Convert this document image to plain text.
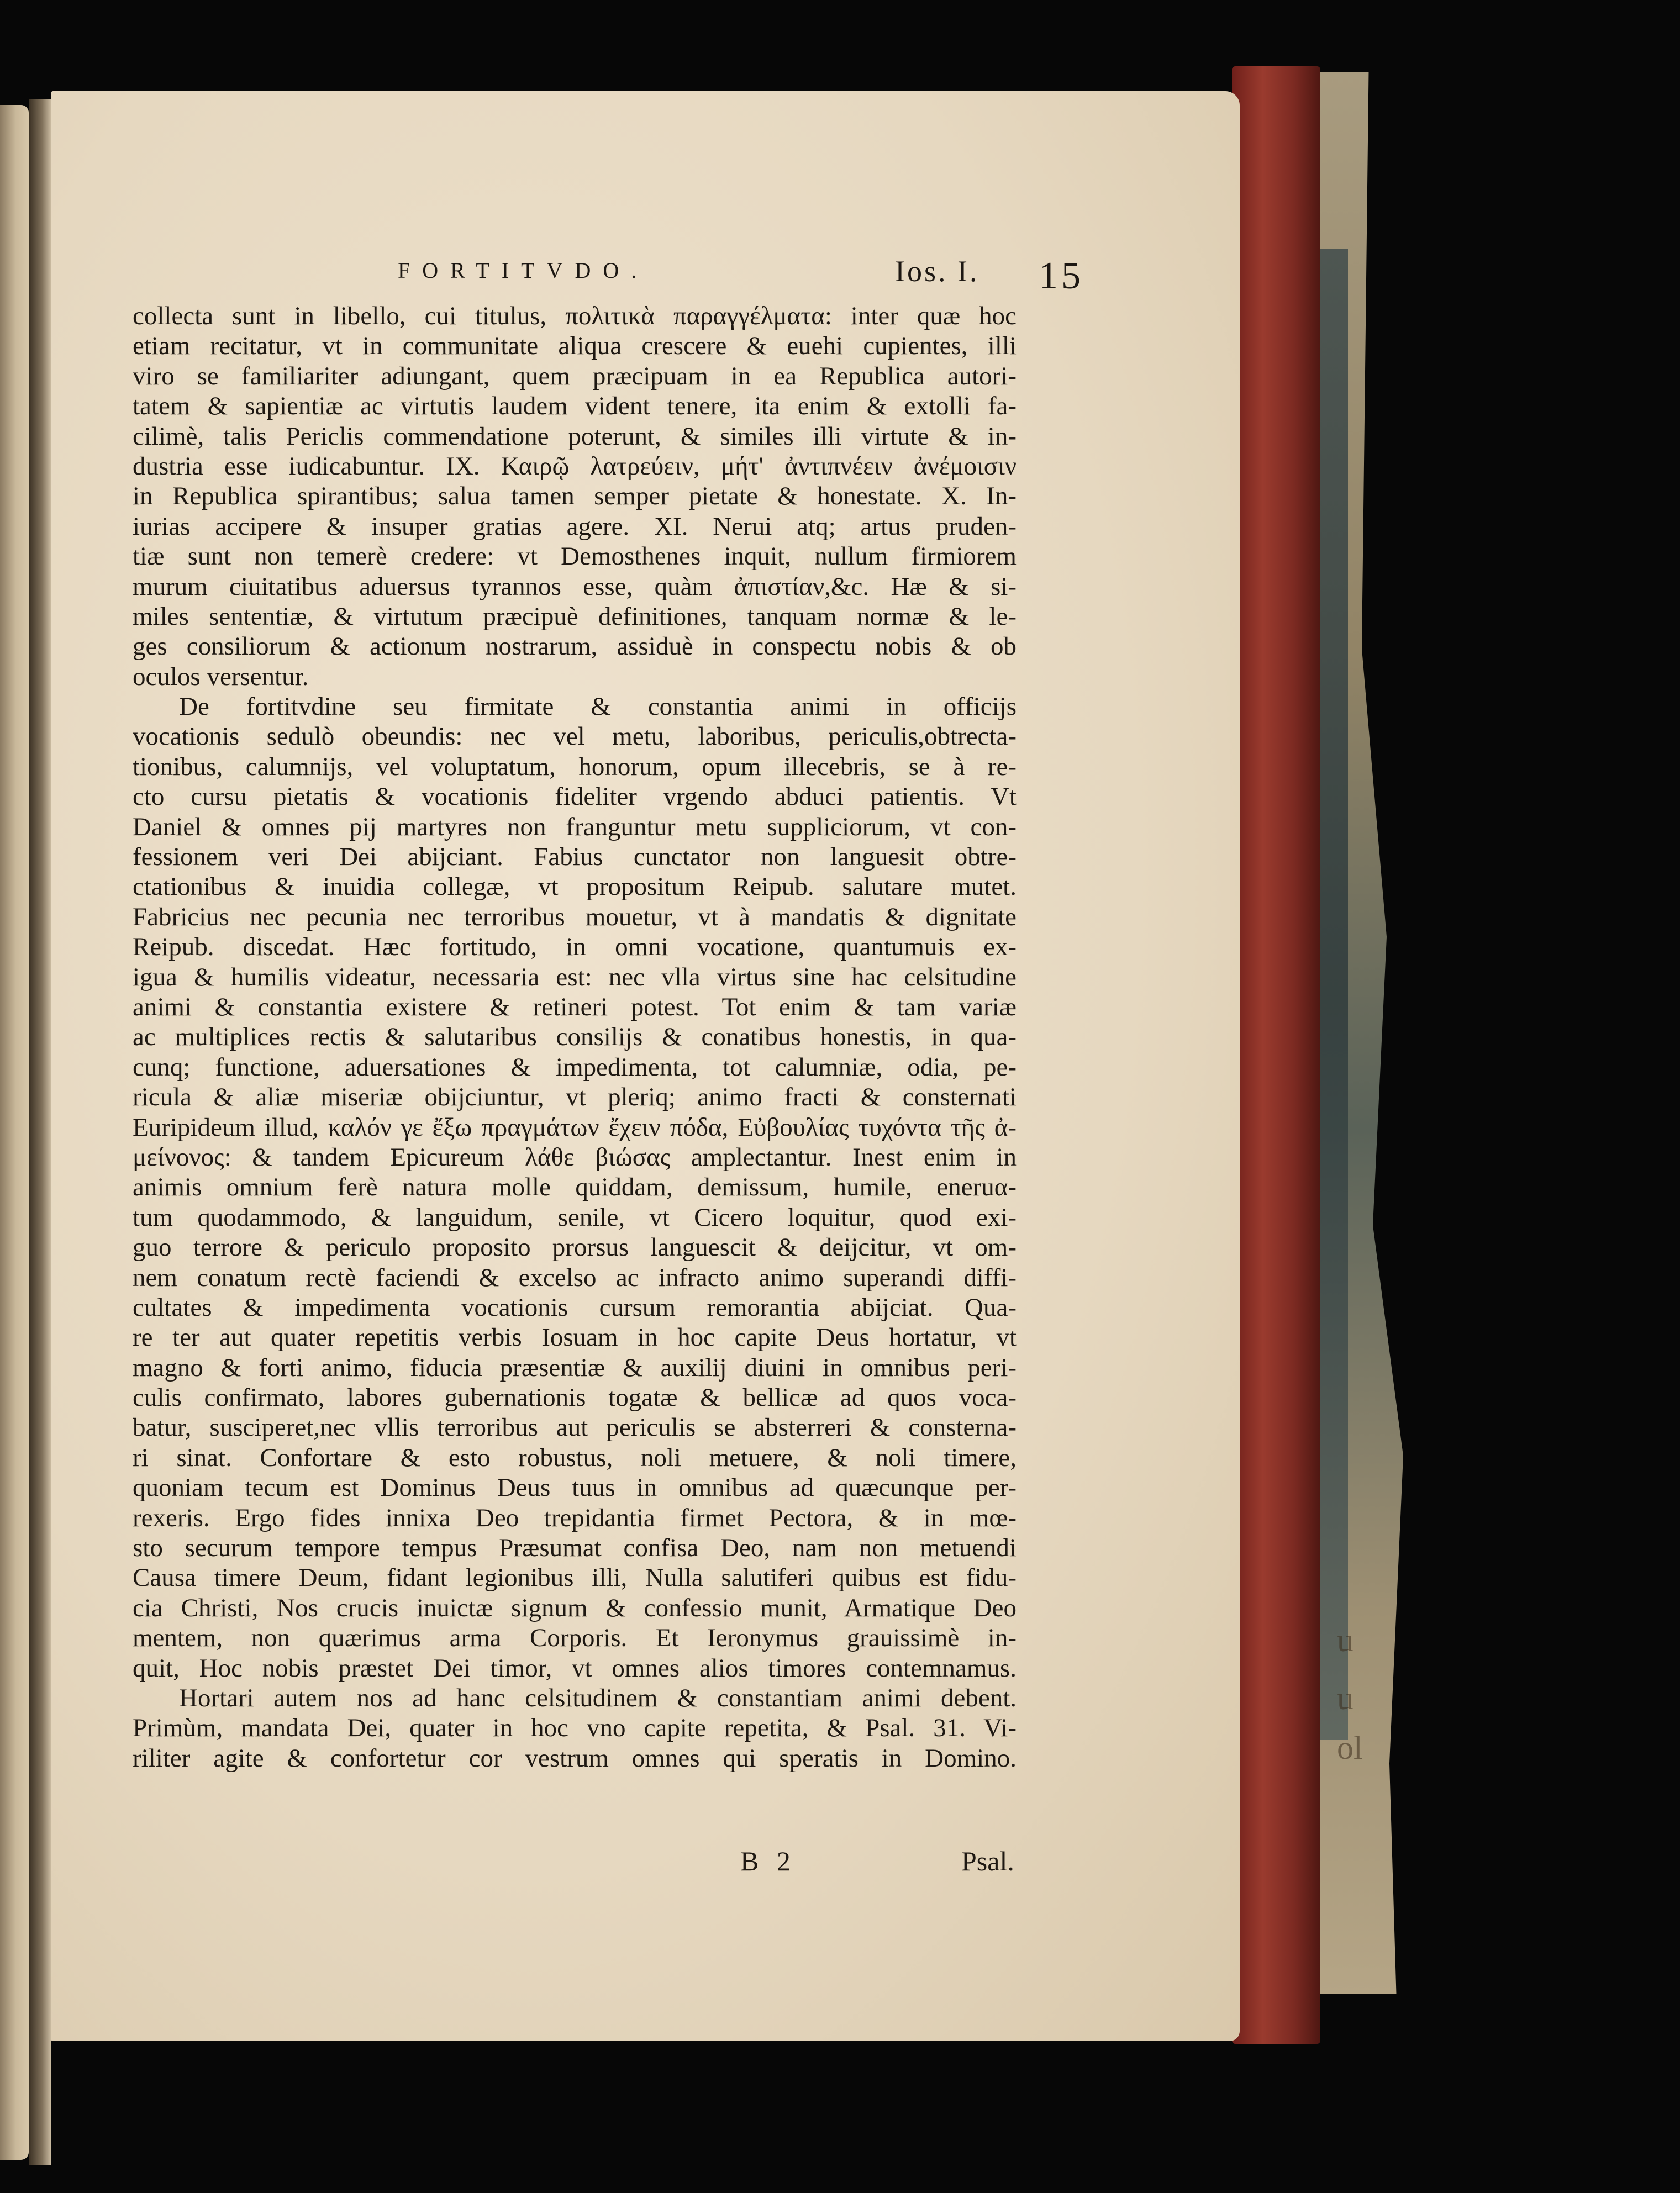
u
u
ol
FORTITVDO.	Ios. I. 15
collecta sunt in libello, cui titulus, πολιτικὰ παραγγέλματα: inter quæ hoc
etiam recitatur, vt in communitate aliqua crescere & euehi cupientes, illi
viro se familiariter adiungant, quem præcipuam in ea Republica autori-
tatem & sapientiæ ac virtutis laudem vident tenere, ita enim & extolli fa-
cilimè, talis Periclis commendatione poterunt, & similes illi virtute & in-
dustria esse iudicabuntur. IX. Καιρῷ λατρεύειν, μήτ' ἀντιπνέειν ἀνέμοισιν
in Republica spirantibus; salua tamen semper pietate & honestate. X. In-
iurias accipere & insuper gratias agere. XI. Nerui atq; artus pruden-
tiæ sunt non temerè credere: vt Demosthenes inquit, nullum firmiorem
murum ciuitatibus aduersus tyrannos esse, quàm ἀπιστίαν,&c. Hæ & si-
miles sententiæ, & virtutum præcipuè definitiones, tanquam normæ & le-
ges consiliorum & actionum nostrarum, assiduè in conspectu nobis & ob
oculos versentur.
De fortitvdine seu firmitate & constantia animi in officijs
vocationis sedulò obeundis: nec vel metu, laboribus, periculis,obtrecta-
tionibus, calumnijs, vel voluptatum, honorum, opum illecebris, se à re-
cto cursu pietatis & vocationis fideliter vrgendo abduci patientis. Vt
Daniel & omnes pij martyres non franguntur metu suppliciorum, vt con-
fessionem veri Dei abijciant. Fabius cunctator non languesit obtre-
ctationibus & inuidia collegæ, vt propositum Reipub. salutare mutet.
Fabricius nec pecunia nec terroribus mouetur, vt à mandatis & dignitate
Reipub. discedat. Hæc fortitudo, in omni vocatione, quantumuis ex-
igua & humilis videatur, necessaria est: nec vlla virtus sine hac celsitudine
animi & constantia existere & retineri potest. Tot enim & tam variæ
ac multiplices rectis & salutaribus consilijs & conatibus honestis, in qua-
cunq; functione, aduersationes & impedimenta, tot calumniæ, odia, pe-
ricula & aliæ miseriæ obijciuntur, vt pleriq; animo fracti & consternati
Euripideum illud, καλόν γε ἔξω πραγμάτων ἔχειν πόδα, Εὐβουλίας τυχόντα τῆς ἀ-
μείνονος: & tandem Epicureum λάθε βιώσας amplectantur. Inest enim in
animis omnium ferè natura molle quiddam, demissum, humile, eneruα-
tum quodammodo, & languidum, senile, vt Cicero loquitur, quod exi-
guo terrore & periculo proposito prorsus languescit & deijcitur, vt om-
nem conatum rectè faciendi & excelso ac infracto animo superandi diffi-
cultates & impedimenta vocationis cursum remorantia abijciat. Qua-
re ter aut quater repetitis verbis Iosuam in hoc capite Deus hortatur, vt
magno & forti animo, fiducia præsentiæ & auxilij diuini in omnibus peri-
culis confirmato, labores gubernationis togatæ & bellicæ ad quos voca-
batur, susciperet,nec vllis terroribus aut periculis se absterreri & consterna-
ri sinat. Confortare & esto robustus, noli metuere, & noli timere,
quoniam tecum est Dominus Deus tuus in omnibus ad quæcunque per-
rexeris. Ergo fides innixa Deo trepidantia firmet Pectora, & in mœ-
sto securum tempore tempus Præsumat confisa Deo, nam non metuendi
Causa timere Deum, fidant legionibus illi, Nulla salutiferi quibus est fidu-
cia Christi, Nos crucis inuictæ signum & confessio munit, Armatique Deo
mentem, non quærimus arma Corporis. Et Ieronymus grauissimè in-
quit, Hoc nobis præstet Dei timor, vt omnes alios timores contemnamus.
Hortari autem nos ad hanc celsitudinem & constantiam animi debent.
Primùm, mandata Dei, quater in hoc vno capite repetita, & Psal. 31. Vi-
riliter agite & confortetur cor vestrum omnes qui speratis in Domino.
B 2	Psal.
